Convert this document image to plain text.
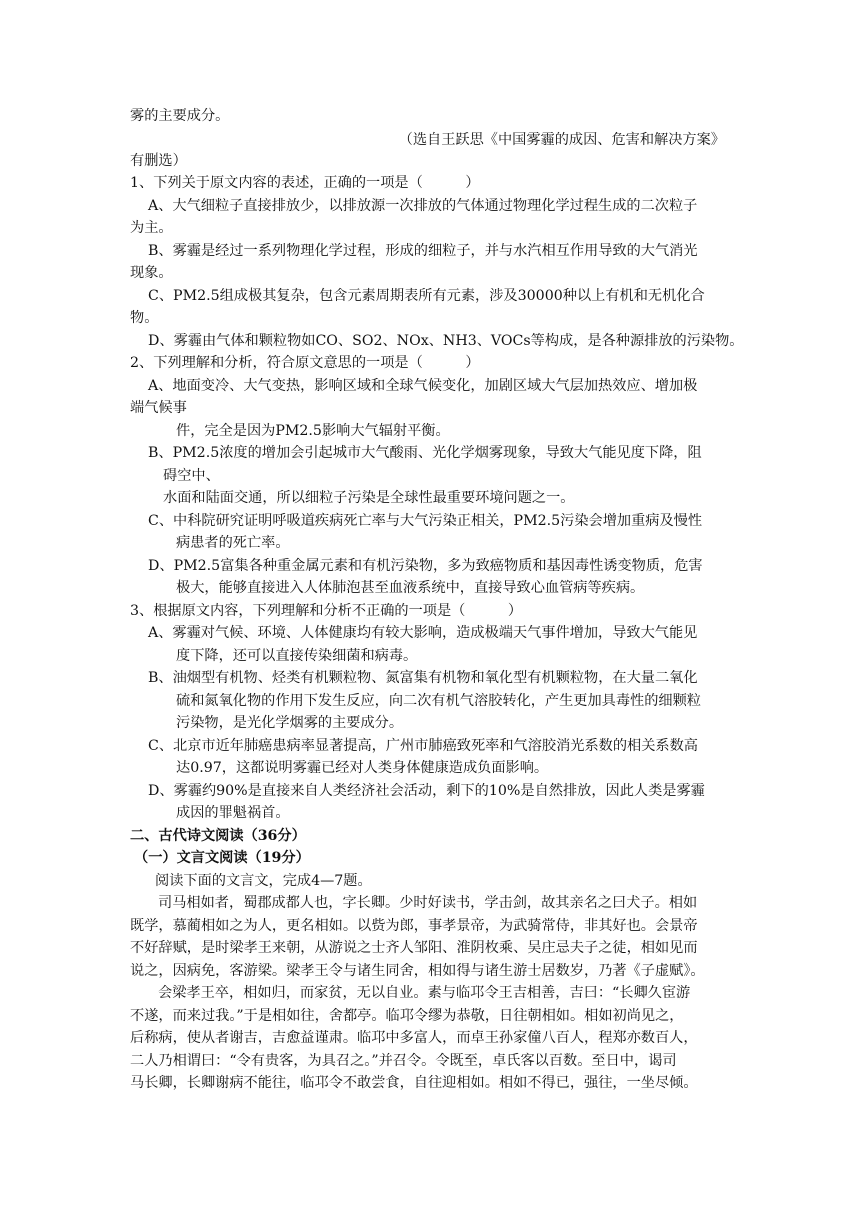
雾的主要成分。
（选自王跃思《中国雾霾的成因、危害和解决方案》
有删选）
1、下列关于原文内容的表述，正确的一项是（　　　）
A、大气细粒子直接排放少，以排放源一次排放的气体通过物理化学过程生成的二次粒子
为主。
B、雾霾是经过一系列物理化学过程，形成的细粒子，并与水汽相互作用导致的大气消光
现象。
C、PM2.5组成极其复杂，包含元素周期表所有元素，涉及30000种以上有机和无机化合
物。
D、雾霾由气体和颗粒物如CO、SO2、NOx、NH3、VOCs等构成，是各种源排放的污染物。
2、下列理解和分析，符合原文意思的一项是（　　　）
A、地面变冷、大气变热，影响区域和全球气候变化，加剧区域大气层加热效应、增加极
端气候事
件，完全是因为PM2.5影响大气辐射平衡。
B、PM2.5浓度的增加会引起城市大气酸雨、光化学烟雾现象，导致大气能见度下降，阻
碍空中、
水面和陆面交通，所以细粒子污染是全球性最重要环境问题之一。
C、中科院研究证明呼吸道疾病死亡率与大气污染正相关，PM2.5污染会增加重病及慢性
病患者的死亡率。
D、PM2.5富集各种重金属元素和有机污染物，多为致癌物质和基因毒性诱变物质，危害
极大，能够直接进入人体肺泡甚至血液系统中，直接导致心血管病等疾病。
3、根据原文内容，下列理解和分析不正确的一项是（　　　）
A、雾霾对气候、环境、人体健康均有较大影响，造成极端天气事件增加，导致大气能见
度下降，还可以直接传染细菌和病毒。
B、油烟型有机物、烃类有机颗粒物、氮富集有机物和氧化型有机颗粒物，在大量二氧化
硫和氮氧化物的作用下发生反应，向二次有机气溶胶转化，产生更加具毒性的细颗粒
污染物，是光化学烟雾的主要成分。
C、北京市近年肺癌患病率显著提高，广州市肺癌致死率和气溶胶消光系数的相关系数高
达0.97，这都说明雾霾已经对人类身体健康造成负面影响。
D、雾霾约90%是直接来自人类经济社会活动，剩下的10%是自然排放，因此人类是雾霾
成因的罪魁祸首。
二、古代诗文阅读（36分）
（一）文言文阅读（19分）
阅读下面的文言文，完成4—7题。
司马相如者，蜀郡成都人也，字长卿。少时好读书，学击剑，故其亲名之曰犬子。相如
既学，慕蔺相如之为人，更名相如。以赀为郎，事孝景帝，为武骑常侍，非其好也。会景帝
不好辞赋，是时梁孝王来朝，从游说之士齐人邹阳、淮阴枚乘、吴庄忌夫子之徒，相如见而
说之，因病免，客游梁。梁孝王令与诸生同舍，相如得与诸生游士居数岁，乃著《子虚赋》。
会梁孝王卒，相如归，而家贫，无以自业。素与临邛令王吉相善，吉曰：“长卿久宦游
不遂，而来过我。”于是相如往，舍都亭。临邛令缪为恭敬，日往朝相如。相如初尚见之，
后称病，使从者谢吉，吉愈益谨肃。临邛中多富人，而卓王孙家僮八百人，程郑亦数百人，
二人乃相谓曰：“令有贵客，为具召之。”并召令。令既至，卓氏客以百数。至日中，谒司
马长卿，长卿谢病不能往，临邛令不敢尝食，自往迎相如。相如不得已，强往，一坐尽倾。
